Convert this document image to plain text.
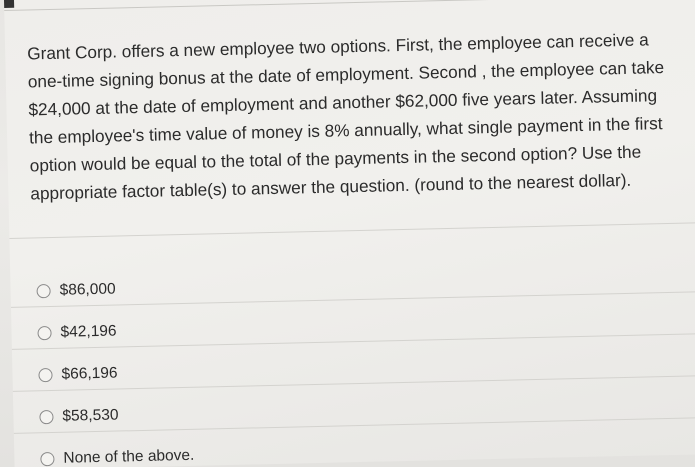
Grant Corp. offers a new employee two options. First, the employee can receive a one-time signing bonus at the date of employment. Second , the employee can take $24,000 at the date of employment and another $62,000 five years later. Assuming the employee's time value of money is 8% annually, what single payment in the first option would be equal to the total of the payments in the second option? Use the appropriate factor table(s) to answer the question. (round to the nearest dollar).

$86,000
$42,196
$66,196
$58,530
None of the above.
